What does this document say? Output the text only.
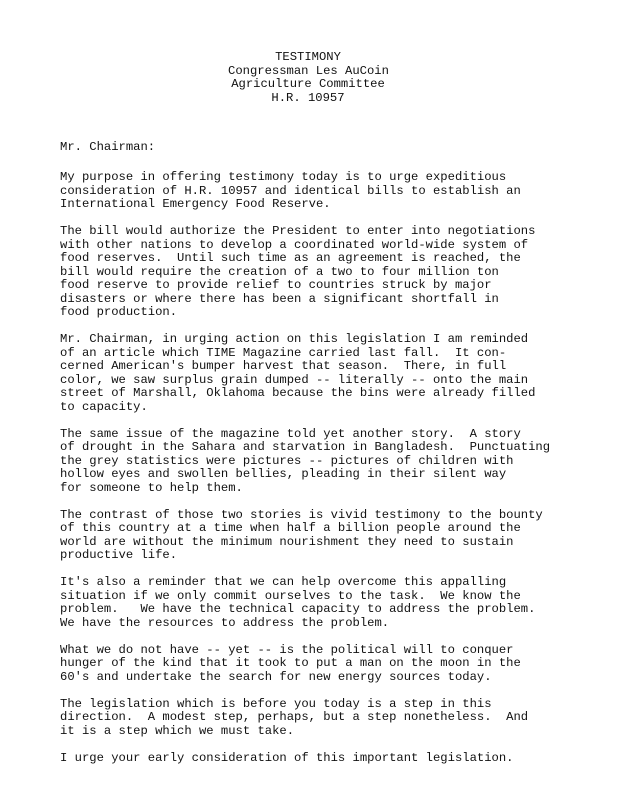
TESTIMONY
Congressman Les AuCoin
Agriculture Committee
H.R. 10957
Mr. Chairman:
My purpose in offering testimony today is to urge expeditious
consideration of H.R. 10957 and identical bills to establish an
International Emergency Food Reserve.
The bill would authorize the President to enter into negotiations
with other nations to develop a coordinated world-wide system of
food reserves.  Until such time as an agreement is reached, the
bill would require the creation of a two to four million ton
food reserve to provide relief to countries struck by major
disasters or where there has been a significant shortfall in
food production.
Mr. Chairman, in urging action on this legislation I am reminded
of an article which TIME Magazine carried last fall.  It con-
cerned American's bumper harvest that season.  There, in full
color, we saw surplus grain dumped -- literally -- onto the main
street of Marshall, Oklahoma because the bins were already filled
to capacity.
The same issue of the magazine told yet another story.  A story
of drought in the Sahara and starvation in Bangladesh.  Punctuating
the grey statistics were pictures -- pictures of children with
hollow eyes and swollen bellies, pleading in their silent way
for someone to help them.
The contrast of those two stories is vivid testimony to the bounty
of this country at a time when half a billion people around the
world are without the minimum nourishment they need to sustain
productive life.
It's also a reminder that we can help overcome this appalling
situation if we only commit ourselves to the task.  We know the
problem.   We have the technical capacity to address the problem.
We have the resources to address the problem.
What we do not have -- yet -- is the political will to conquer
hunger of the kind that it took to put a man on the moon in the
60's and undertake the search for new energy sources today.
The legislation which is before you today is a step in this
direction.  A modest step, perhaps, but a step nonetheless.  And
it is a step which we must take.
I urge your early consideration of this important legislation.
